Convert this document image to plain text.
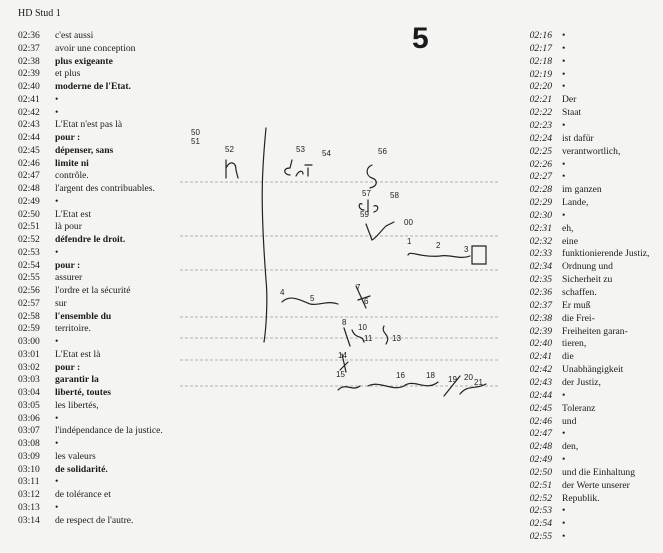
HD Stud 1
5
02:36	c'est aussi
02:37	avoir une conception
02:38	plus exigeante
02:39	et plus
02:40	moderne de l'Etat.
02:41	•
02:42	•
02:43	L'Etat n'est pas là
02:44	pour :
02:45	dépenser, sans
02:46	limite ni
02:47	contrôle.
02:48	l'argent des contribuables.
02:49	•
02:50	L'Etat est
02:51	là pour
02:52	défendre le droit.
02:53	•
02:54	pour :
02:55	assurer
02:56	l'ordre et la sécurité
02:57	sur
02:58	l'ensemble du
02:59	territoire.
03:00	•
03:01	L'Etat est là
03:02	pour :
03:03	garantir la
03:04	liberté, toutes
03:05	les libertés,
03:06	•
03:07	l'indépendance de la justice.
03:08	•
03:09	les valeurs
03:10	de solidarité.
03:11	•
03:12	de tolérance et
03:13	•
03:14	de respect de l'autre.
02:16 •
02:17 •
02:18 •
02:19 •
02:20 •
02:21 Der
02:22 Staat
02:23 •
02:24 ist dafür
02:25 verantwortlich,
02:26 •
02:27 •
02:28 im ganzen
02:29 Lande,
02:30 •
02:31 eh,
02:32 eine
02:33 funktionierende Justiz,
02:34 Ordnung und
02:35 Sicherheit zu
02:36 schaffen.
02:37 Er muß
02:38 die Frei-
02:39 Freiheiten garan-
02:40 tieren,
02:41 die
02:42 Unabhängigkeit
02:43 der Justiz,
02:44 •
02:45 Toleranz
02:46 und
02:47 •
02:48 den,
02:49 •
02:50 und die Einhaltung
02:51 der Werte unserer
02:52 Republik.
02:53 •
02:54 •
02:55 •
50
51
52	53 54	56
57 58
59
00
1	2	3
4
5	6
7
8
10
11 13
14
15	16	18 19 20
21
